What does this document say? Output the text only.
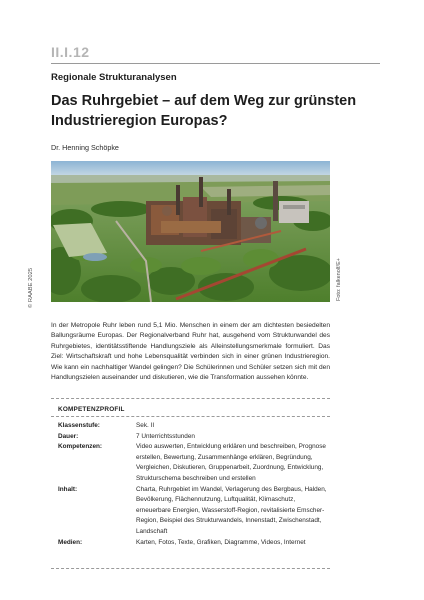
II.I.12
Regionale Strukturanalysen
Das Ruhrgebiet – auf dem Weg zur grünsten Industrieregion Europas?
Dr. Henning Schöpke
Foto: falkenolf/E+
© RAABE 2025
In der Metropole Ruhr leben rund 5,1 Mio. Menschen in einem der am dichtesten besiedelten Ballungsräume Europas. Der Regionalverband Ruhr hat, ausgehend vom Strukturwandel des Ruhrgebietes, identitätsstiftende Handlungsziele als Alleinstellungsmerkmale formuliert. Das Ziel: Wirtschaftskraft und hohe Lebensqualität verbinden sich in einer grünen Industrieregion. Wie kann ein nachhaltiger Wandel gelingen? Die Schülerinnen und Schüler setzen sich mit den Handlungszielen auseinander und diskutieren, wie die Transformation aussehen könnte.
KOMPETENZPROFIL
Klassenstufe:	Sek. II
Dauer:	7 Unterrichtsstunden
Kompetenzen:	Video auswerten, Entwicklung erklären und beschreiben, Prognose erstellen, Bewertung, Zusammenhänge erklären, Begründung, Vergleichen, Diskutieren, Gruppenarbeit, Zuordnung, Entwicklung, Strukturschema beschreiben und erstellen
Inhalt:	Charta, Ruhrgebiet im Wandel, Verlagerung des Bergbaus, Halden, Bevölkerung, Flächennutzung, Luftqualität, Klimaschutz, erneuerbare Energien, Wasserstoff-Region, revitalisierte Emscher-Region, Beispiel des Strukturwandels, Innenstadt, Zwischenstadt, Landschaft
Medien:	Karten, Fotos, Texte, Grafiken, Diagramme, Videos, Internet
